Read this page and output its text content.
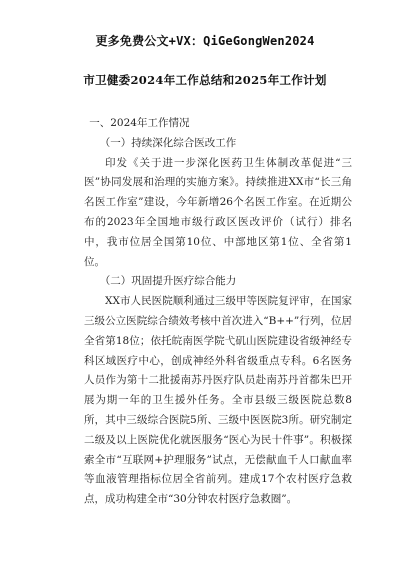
更多免费公文+VX：QiGeGongWen2024
市卫健委2024年工作总结和2025年工作计划

一、2024年工作情况

（一）持续深化综合医改工作

印发《关于进一步深化医药卫生体制改革促进“三医”协同发展和治理的实施方案》。持续推进XX市“长三角名医工作室”建设，今年新增26个名医工作室。在近期公布的2023年全国地市级行政区医改评价（试行）排名中，我市位居全国第10位、中部地区第1位、全省第1位。

（二）巩固提升医疗综合能力

XX市人民医院顺利通过三级甲等医院复评审，在国家三级公立医院综合绩效考核中首次进入“B++”行列，位居全省第18位；依托皖南医学院弋矶山医院建设省级神经专科区域医疗中心，创成神经外科省级重点专科。6名医务人员作为第十二批援南苏丹医疗队员赴南苏丹首都朱巴开展为期一年的卫生援外任务。全市县级三级医院总数8所，其中三级综合医院5所、三级中医医院3所。研究制定二级及以上医院优化就医服务“医心为民十件事”。积极探索全市“互联网+护理服务”试点，无偿献血千人口献血率等血液管理指标位居全省前列。建成17个农村医疗急救点，成功构建全市“30分钟农村医疗急救圈”。
